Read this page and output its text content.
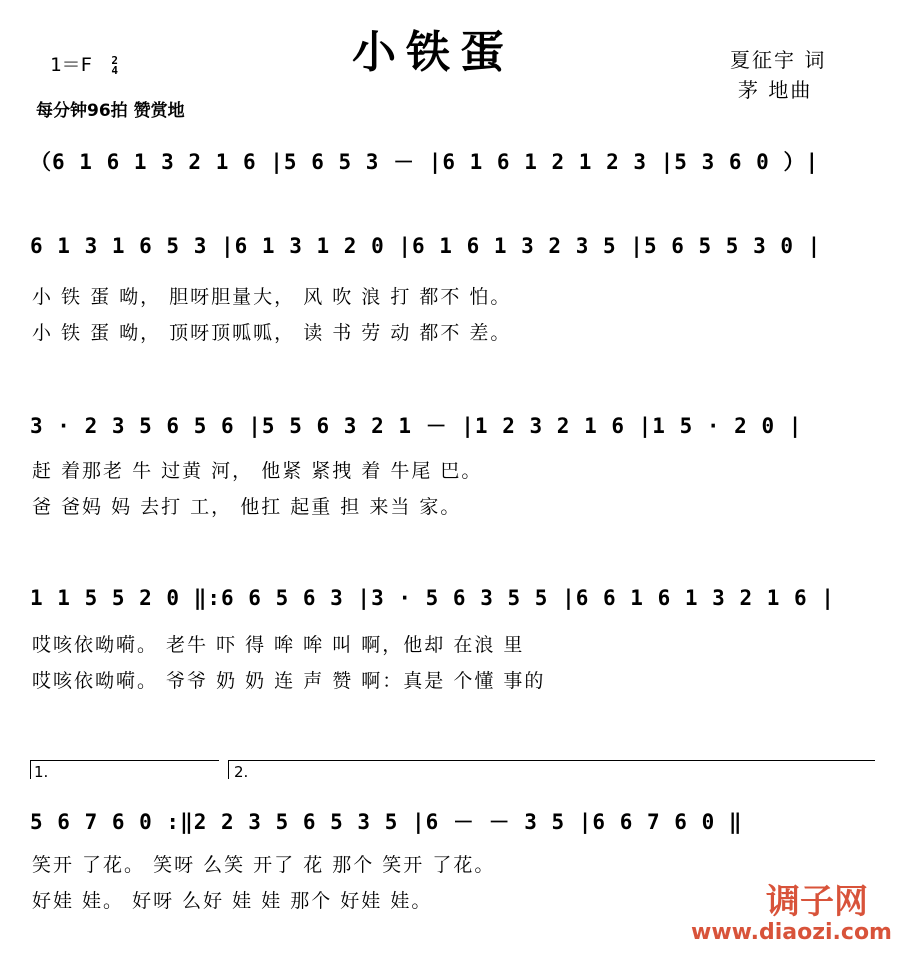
小铁蛋
1＝F 2
4
每分钟96拍 赞赏地
夏征宇 词
茅 地曲
（6 1 6 1 3 2 1 6 |5 6 5 3 － |6 1 6 1 2 1 2 3 |5 3 6 0 ）|
6 1 3 1 6 5 3 |6 1 3 1 2 0 |6 1 6 1 3 2 3 5 |5 6 5 5 3 0 |
小 铁 蛋 呦， 胆呀胆量大， 风 吹 浪 打 都不 怕。
小 铁 蛋 呦， 顶呀顶呱呱， 读 书 劳 动 都不 差。
3 · 2 3 5 6 5 6 |5 5 6 3 2 1 － |1 2 3 2 1 6 |1 5 · 2 0 |
赶 着那老 牛 过黄 河， 他紧 紧拽 着 牛尾 巴。
爸 爸妈 妈 去打 工， 他扛 起重 担 来当 家。
1 1 5 5 2 0 ‖:6 6 5 6 3 |3 · 5 6 3 5 5 |6 6 1 6 1 3 2 1 6 |
哎咳依呦嗬。 老牛 吓 得 哞 哞 叫 啊，他却 在浪 里
哎咳依呦嗬。 爷爷 奶 奶 连 声 赞 啊：真是 个懂 事的
1.	2.
5 6 7 6 0 :‖2 2 3 5 6 5 3 5 |6 － － 3 5 |6 6 7 6 0 ‖
笑开 了花。 笑呀 么笑 开了 花 那个 笑开 了花。
好娃 娃。 好呀 么好 娃 娃 那个 好娃 娃。	调子网
www.diaozi.com
